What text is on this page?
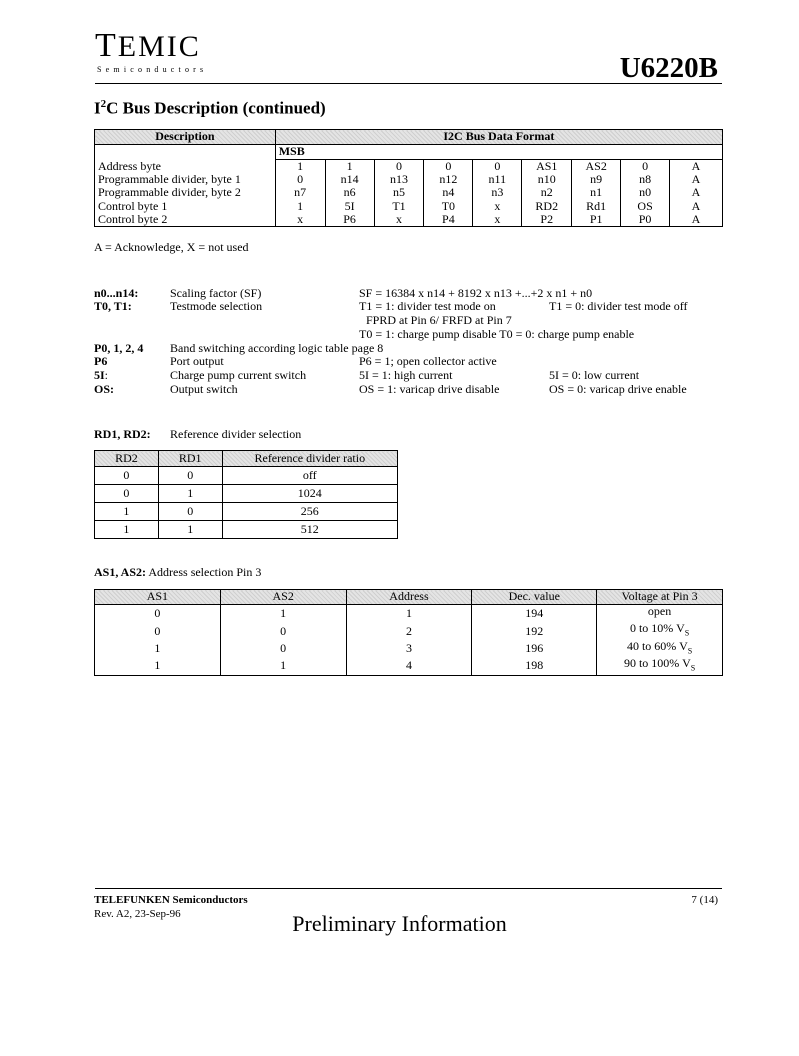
TEMIC
Semiconductors	U6220B
$I^2C$ Bus Description (continued)
Description	I2C Bus Data Format								
	MSB								
Address byte	1	1	0	0	0	AS1	AS2	0	A
Programmable divider, byte 1	0	n14	n13	n12	n11	n10	n9	n8	A
Programmable divider, byte 2	n7	n6	n5	n4	n3	n2	n1	n0	A
Control byte 1	1	5I	T1	T0	x	RD2	Rd1	OS	A
Control byte 2	x	P6	x	P4	x	P2	P1	P0	A
A = Acknowledge, X = not used
n0...n14:	Scaling factor (SF)	SF = 16384 x n14 + 8192 x n13 +...+2 x n1 + n0
T0, T1:	Testmode selection	T1 = 1: divider test mode on	T1 = 0: divider test mode off
FPRD at Pin 6/ FRFD at Pin 7
T0 = 1: charge pump disable T0 = 0: charge pump enable
P0, 1, 2, 4 Band switching according logic table page 8
P6	Port output	P6 = 1; open collector active
5I:	Charge pump current switch	5I = 1: high current	5I = 0: low current
OS:	Output switch	OS = 1: varicap drive disable	OS = 0: varicap drive enable
RD1, RD2: Reference divider selection
RD2	RD1	Reference divider ratio
0	0	off
0	1	1024
1	0	256
1	1	512
AS1, AS2: Address selection Pin 3
AS1	AS2	Address	Dec. value	Voltage at Pin 3
0	1	1	194	open
0	0	2	192	0 to 10% $V_S$
1	0	3	196	40 to 60% $V_S$
1	1	4	198	90 to 100% $V_S$
TELEFUNKEN Semiconductors
Rev. A2, 23-Sep-96
7 (14)
Preliminary Information
